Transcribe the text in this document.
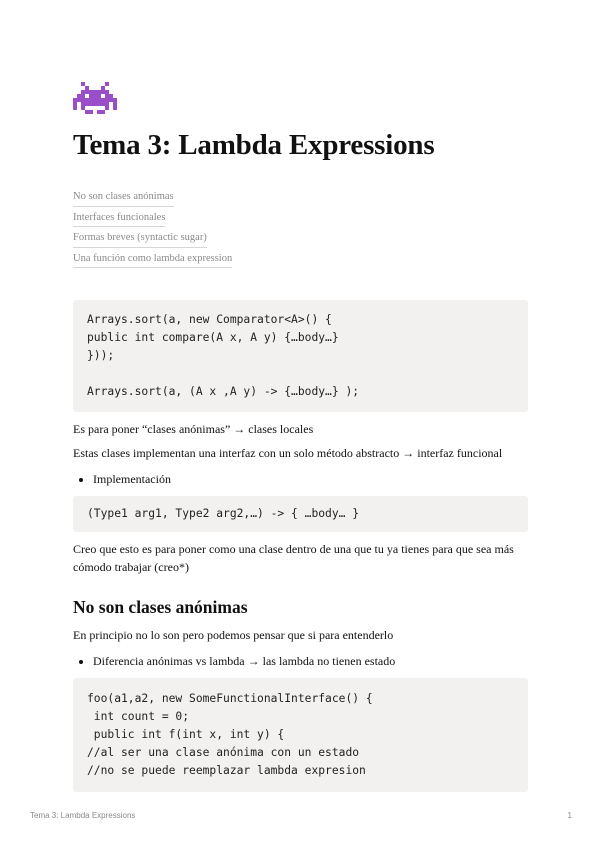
Tema 3: Lambda Expressions
No son clases anónimas
Interfaces funcionales
Formas breves (syntactic sugar)
Una función como lambda expression
Arrays.sort(a, new Comparator<A>() {
public int compare(A x, A y) {…body…}
}));

Arrays.sort(a, (A x ,A y) -> {…body…} );

Es para poner “clases anónimas” → clases locales

Estas clases implementan una interfaz con un solo método abstracto → interfaz funcional

• Implementación
(Type1 arg1, Type2 arg2,…) -> { …body… }

Creo que esto es para poner como una clase dentro de una que tu ya tienes para que sea más cómodo trabajar (creo*)

No son clases anónimas

En principio no lo son pero podemos pensar que si para entenderlo

• Diferencia anónimas vs lambda → las lambda no tienen estado
foo(a1,a2, new SomeFunctionalInterface() {
int count = 0;
public int f(int x, int y) {
//al ser una clase anónima con un estado
//no se puede reemplazar lambda expresion
Tema 3: Lambda Expressions	1
